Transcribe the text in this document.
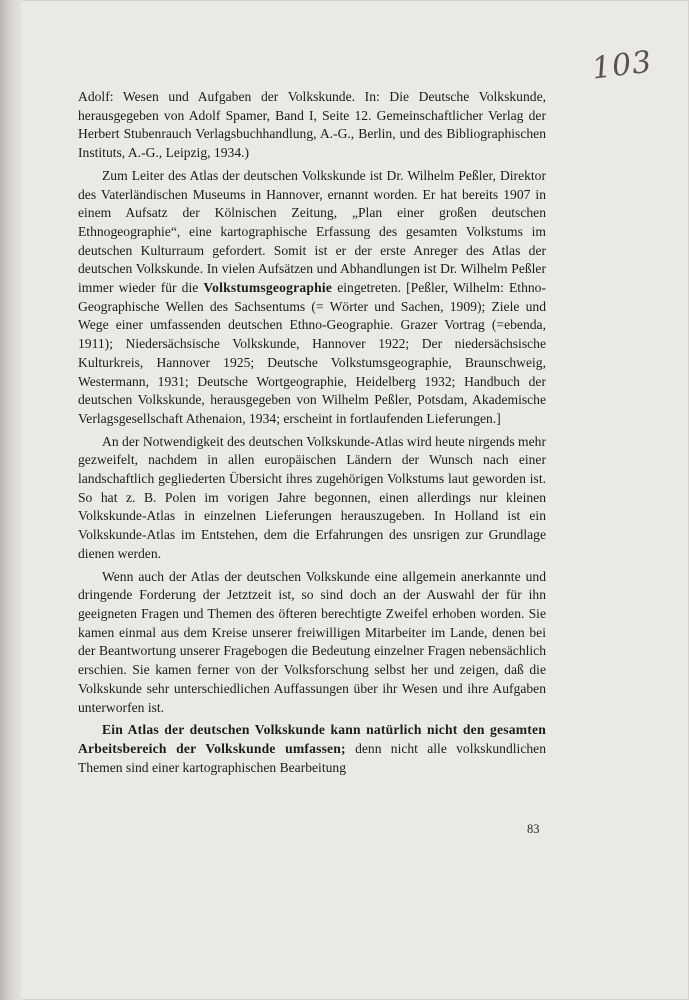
103

Adolf: Wesen und Aufgaben der Volkskunde. In: Die Deutsche Volkskunde, herausgegeben von Adolf Spamer, Band I, Seite 12. Gemeinschaftlicher Verlag der Herbert Stubenrauch Verlagsbuchhandlung, A.-G., Berlin, und des Bibliographischen Instituts, A.-G., Leipzig, 1934.)

Zum Leiter des Atlas der deutschen Volkskunde ist Dr. Wilhelm Peßler, Direktor des Vaterländischen Museums in Hannover, ernannt worden. Er hat bereits 1907 in einem Aufsatz der Kölnischen Zeitung, „Plan einer großen deutschen Ethnogeographie“, eine kartographische Erfassung des gesamten Volkstums im deutschen Kulturraum gefordert. Somit ist er der erste Anreger des Atlas der deutschen Volkskunde. In vielen Aufsätzen und Abhandlungen ist Dr. Wilhelm Peßler immer wieder für die Volkstumsgeographie eingetreten. [Peßler, Wilhelm: Ethno-Geographische Wellen des Sachsentums (= Wörter und Sachen, 1909); Ziele und Wege einer umfassenden deutschen Ethno-Geographie. Grazer Vortrag (=ebenda, 1911); Niedersächsische Volkskunde, Hannover 1922; Der niedersächsische Kulturkreis, Hannover 1925; Deutsche Volkstumsgeographie, Braunschweig, Westermann, 1931; Deutsche Wortgeographie, Heidelberg 1932; Handbuch der deutschen Volkskunde, herausgegeben von Wilhelm Peßler, Potsdam, Akademische Verlagsgesellschaft Athenaion, 1934; erscheint in fortlaufenden Lieferungen.]

An der Notwendigkeit des deutschen Volkskunde-Atlas wird heute nirgends mehr gezweifelt, nachdem in allen europäischen Ländern der Wunsch nach einer landschaftlich gegliederten Übersicht ihres zugehörigen Volkstums laut geworden ist. So hat z. B. Polen im vorigen Jahre begonnen, einen allerdings nur kleinen Volkskunde-Atlas in einzelnen Lieferungen herauszugeben. In Holland ist ein Volkskunde-Atlas im Entstehen, dem die Erfahrungen des unsrigen zur Grundlage dienen werden.

Wenn auch der Atlas der deutschen Volkskunde eine allgemein anerkannte und dringende Forderung der Jetztzeit ist, so sind doch an der Auswahl der für ihn geeigneten Fragen und Themen des öfteren berechtigte Zweifel erhoben worden. Sie kamen einmal aus dem Kreise unserer freiwilligen Mitarbeiter im Lande, denen bei der Beantwortung unserer Fragebogen die Bedeutung einzelner Fragen nebensächlich erschien. Sie kamen ferner von der Volksforschung selbst her und zeigen, daß die Volkskunde sehr unterschiedlichen Auffassungen über ihr Wesen und ihre Aufgaben unterworfen ist.

Ein Atlas der deutschen Volkskunde kann natürlich nicht den gesamten Arbeitsbereich der Volkskunde umfassen; denn nicht alle volkskundlichen Themen sind einer kartographischen Bearbeitung

83
